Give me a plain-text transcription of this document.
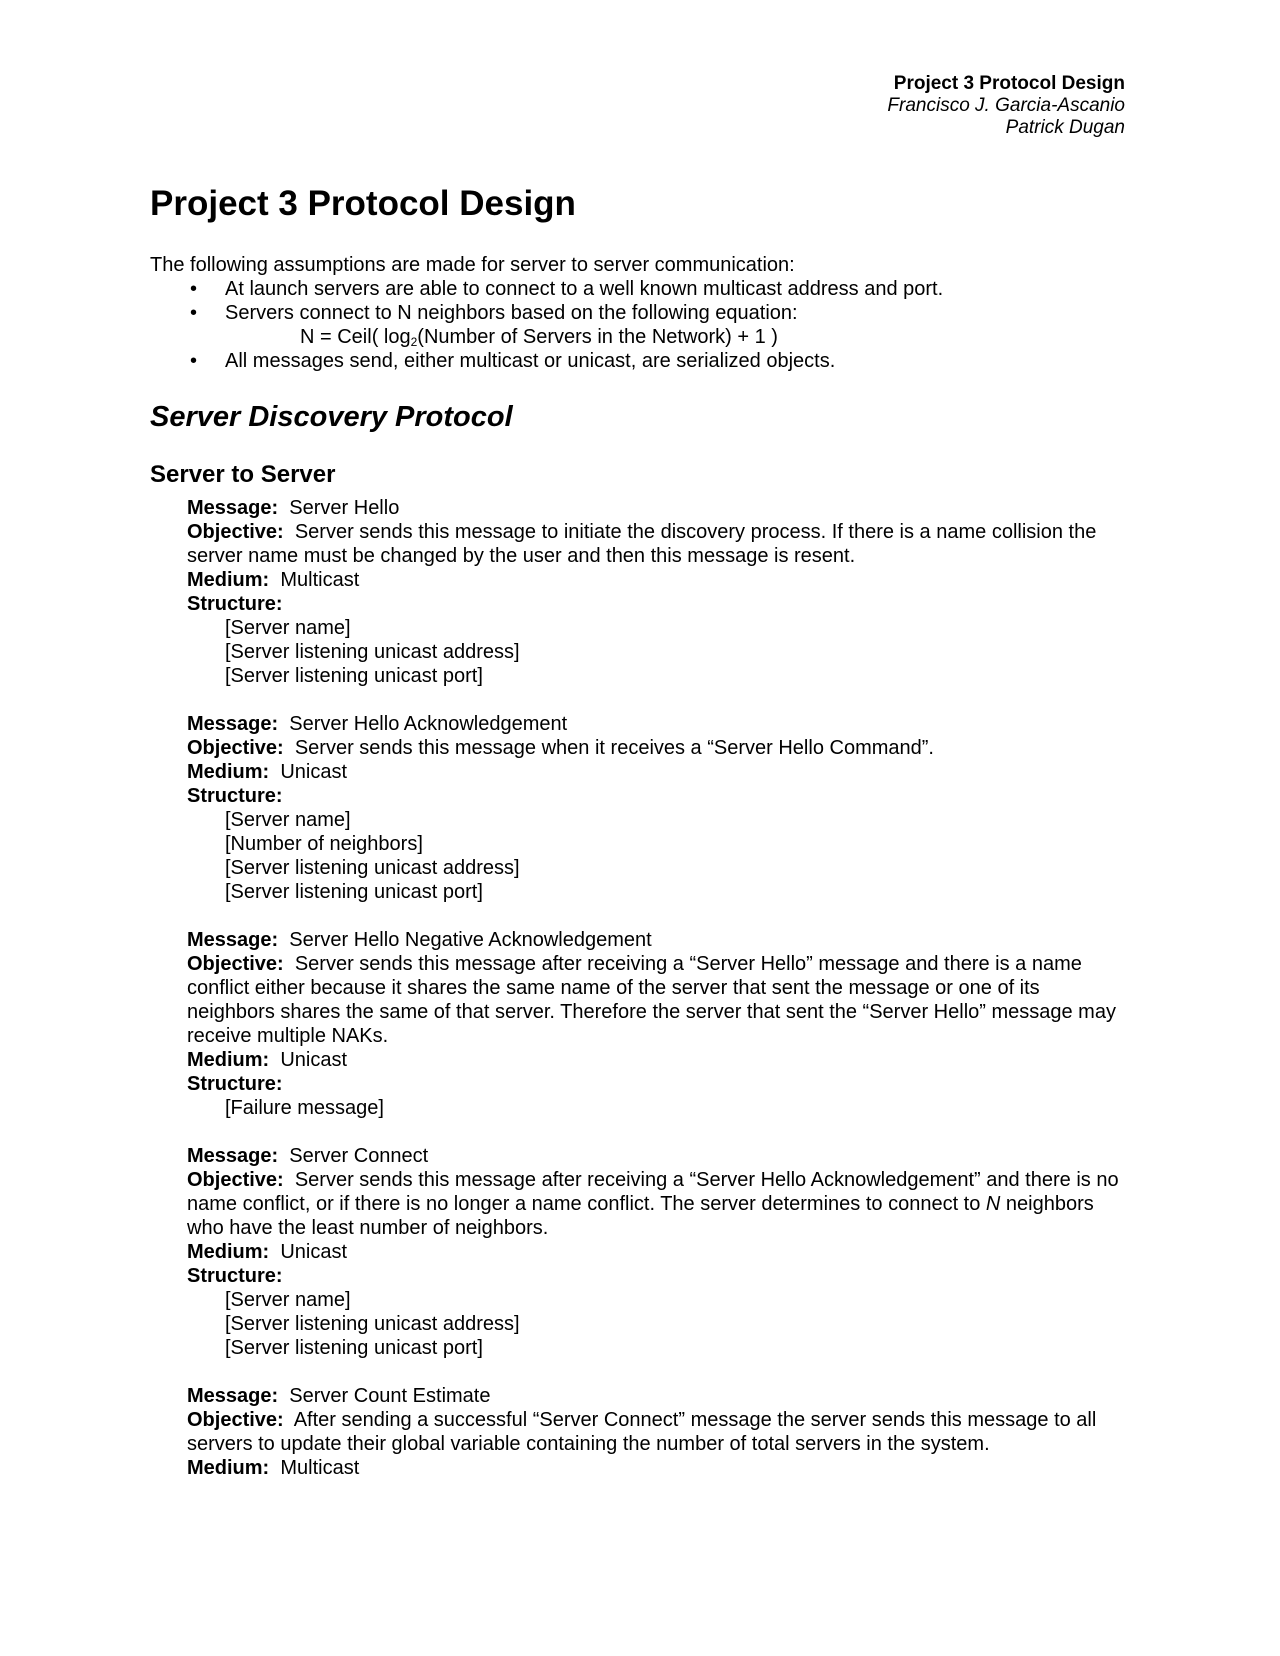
Project 3 Protocol Design
Francisco J. Garcia-Ascanio
Patrick Dugan
Project 3 Protocol Design

The following assumptions are made for server to server communication:

• At launch servers are able to connect to a well known multicast address and port.
• Servers connect to N neighbors based on the following equation:
N = Ceil( $\log_2(Number$ of Servers in the Network) + 1 )
• All messages send, either multicast or unicast, are serialized objects.
Server Discovery Protocol
Server to Server

Message: Server Hello

Objective: Server sends this message to initiate the discovery process. If there is a name collision the server name must be changed by the user and then this message is resent.

Medium: Multicast

Structure:

[Server name]

[Server listening unicast address]

[Server listening unicast port]

Message: Server Hello Acknowledgement

Objective: Server sends this message when it receives a “Server Hello Command”.

Medium: Unicast

Structure:

[Server name]

[Number of neighbors]

[Server listening unicast address]

[Server listening unicast port]

Message: Server Hello Negative Acknowledgement

Objective: Server sends this message after receiving a “Server Hello” message and there is a name conflict either because it shares the same name of the server that sent the message or one of its neighbors shares the same of that server. Therefore the server that sent the “Server Hello” message may receive multiple NAKs.

Medium: Unicast

Structure:

[Failure message]

Message: Server Connect

Objective: Server sends this message after receiving a “Server Hello Acknowledgement” and there is no name conflict, or if there is no longer a name conflict. The server determines to connect to N neighbors who have the least number of neighbors.

Medium: Unicast

Structure:

[Server name]

[Server listening unicast address]

[Server listening unicast port]

Message: Server Count Estimate

Objective: After sending a successful “Server Connect” message the server sends this message to all servers to update their global variable containing the number of total servers in the system.

Medium: Multicast
